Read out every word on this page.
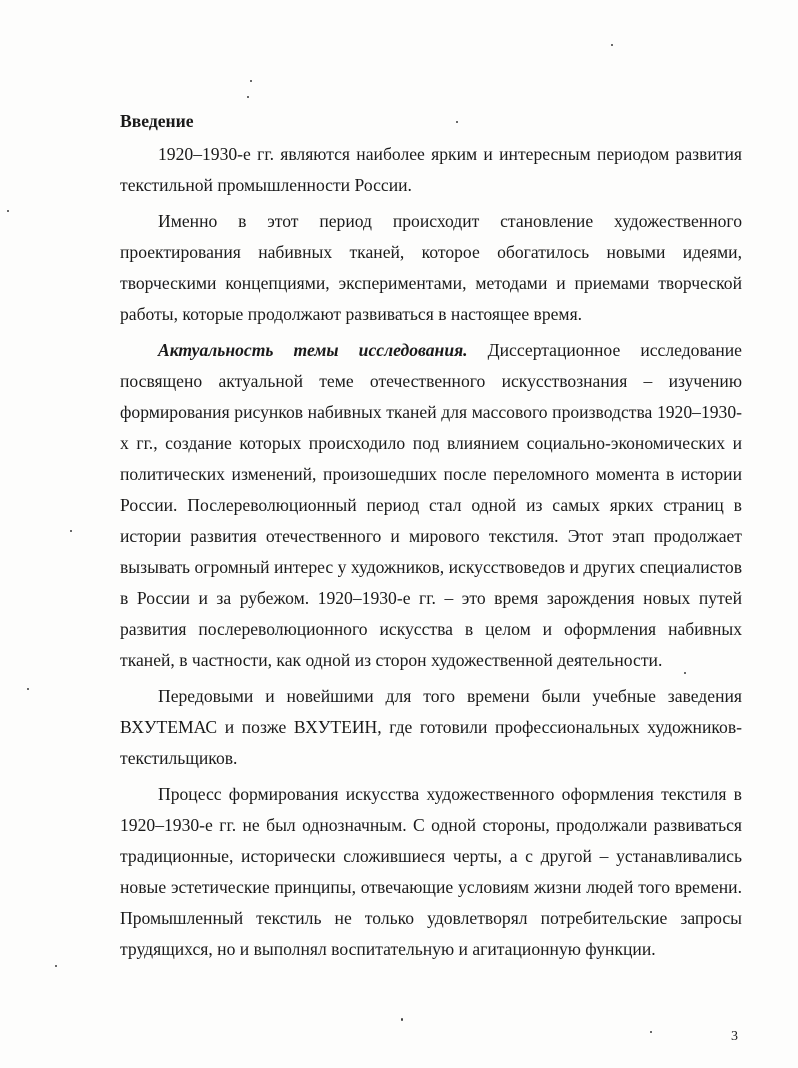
Введение

1920–1930-е гг. являются наиболее ярким и интересным периодом развития текстильной промышленности России.

Именно в этот период происходит становление художественного проектирования набивных тканей, которое обогатилось новыми идеями, творческими концепциями, экспериментами, методами и приемами творческой работы, которые продолжают развиваться в настоящее время.

Актуальность темы исследования. Диссертационное исследование посвящено актуальной теме отечественного искусствознания – изучению формирования рисунков набивных тканей для массового производства 1920–1930-х гг., создание которых происходило под влиянием социально-экономических и политических изменений, произошедших после переломного момента в истории России. Послереволюционный период стал одной из самых ярких страниц в истории развития отечественного и мирового текстиля. Этот этап продолжает вызывать огромный интерес у художников, искусствоведов и других специалистов в России и за рубежом. 1920–1930-е гг. – это время зарождения новых путей развития послереволюционного искусства в целом и оформления набивных тканей, в частности, как одной из сторон художественной деятельности.

Передовыми и новейшими для того времени были учебные заведения ВХУТЕМАС и позже ВХУТЕИН, где готовили профессиональных художников-текстильщиков.

Процесс формирования искусства художественного оформления текстиля в 1920–1930-е гг. не был однозначным. С одной стороны, продолжали развиваться традиционные, исторически сложившиеся черты, а с другой – устанавливались новые эстетические принципы, отвечающие условиям жизни людей того времени. Промышленный текстиль не только удовлетворял потребительские запросы трудящихся, но и выполнял воспитательную и агитационную функции.

3
